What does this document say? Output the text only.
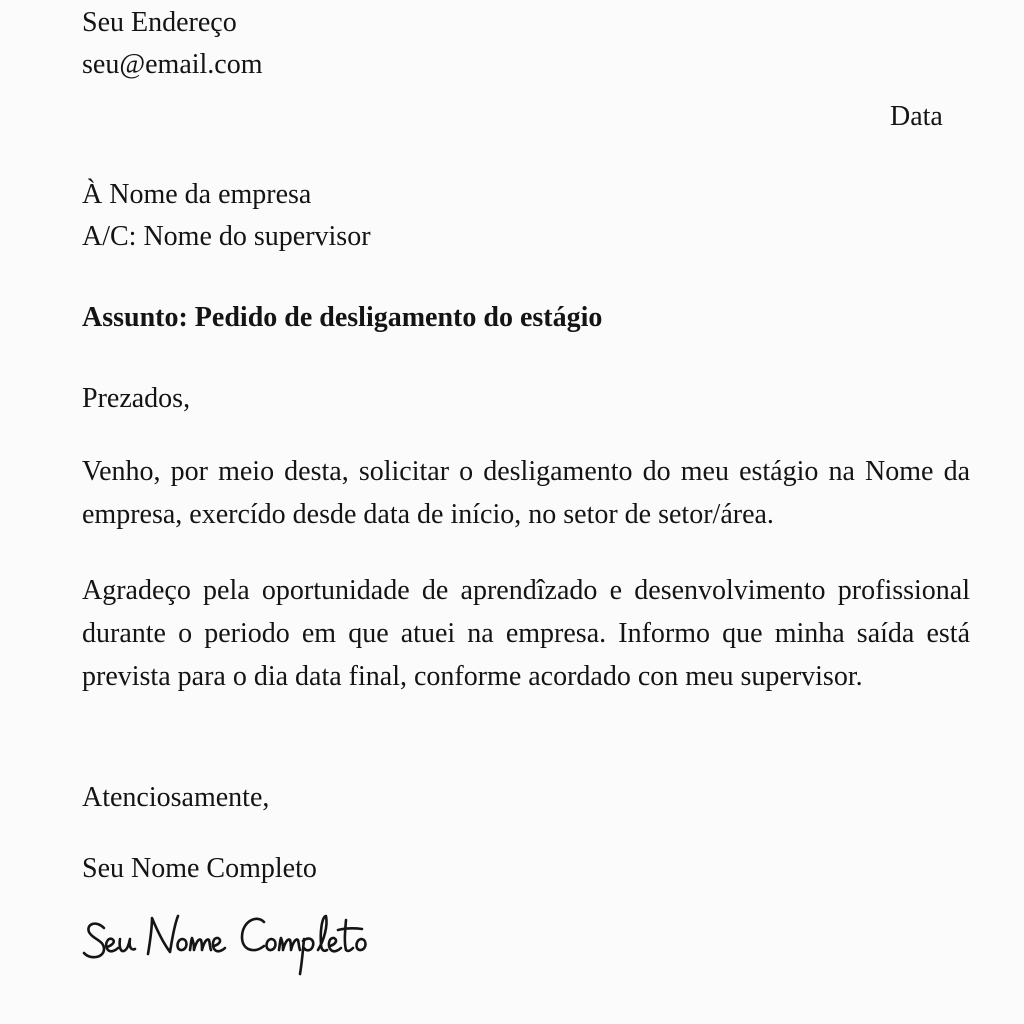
Seu Endereço
seu@email.com
Data
À Nome da empresa
A/C: Nome do supervisor
Assunto: Pedido de desligamento do estágio
Prezados,
Venho, por meio desta, solicitar o desligamento do meu estágio na Nome da empresa, exercído desde data de início, no setor de setor/área.
Agradeço pela oportunidade de aprendîzado e desenvolvimento profissional durante o periodo em que atuei na empresa. Informo que minha saída está prevista para o dia data final, conforme acordado con meu supervisor.
Atenciosamente,
Seu Nome Completo
